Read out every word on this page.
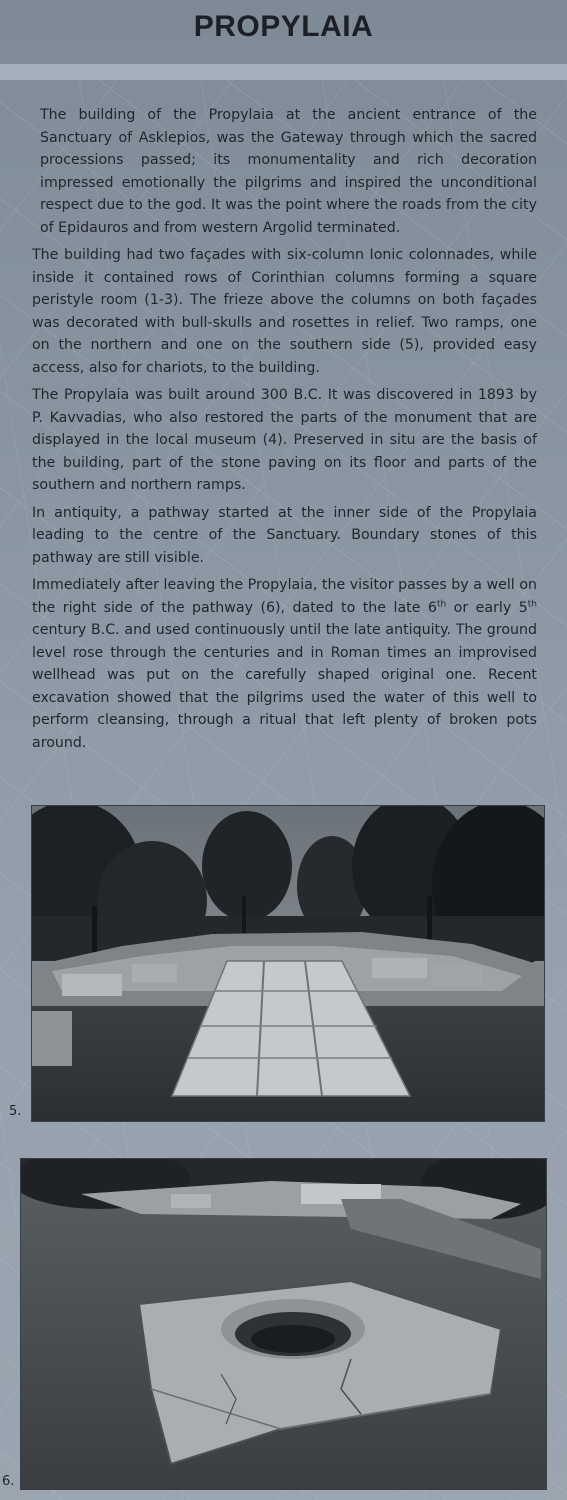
PROPYLAIA

The building of the Propylaia at the ancient entrance of the Sanctuary of Asklepios, was the Gateway through which the sacred processions passed; its monumentality and rich decoration impressed emotionally the pilgrims and inspired the unconditional respect due to the god. It was the point where the roads from the city of Epidauros and from western Argolid terminated.

The building had two façades with six-column Ionic colonnades, while inside it contained rows of Corinthian columns forming a square peristyle room (1-3). The frieze above the columns on both façades was decorated with bull-skulls and rosettes in relief. Two ramps, one on the northern and one on the southern side (5), provided easy access, also for chariots, to the building.

The Propylaia was built around 300 B.C. It was discovered in 1893 by P. Kavvadias, who also restored the parts of the monument that are displayed in the local museum (4). Preserved in situ are the basis of the building, part of the stone paving on its floor and parts of the southern and northern ramps.

In antiquity, a pathway started at the inner side of the Propylaia leading to the centre of the Sanctuary. Boundary stones of this pathway are still visible.

Immediately after leaving the Propylaia, the visitor passes by a well on the right side of the pathway (6), dated to the late 6th or early 5th century B.C. and used continuously until the late antiquity. The ground level rose through the centuries and in Roman times an improvised wellhead was put on the carefully shaped original one. Recent excavation showed that the pilgrims used the water of this well to perform cleansing, through a ritual that left plenty of broken pots around.

5.
6.
